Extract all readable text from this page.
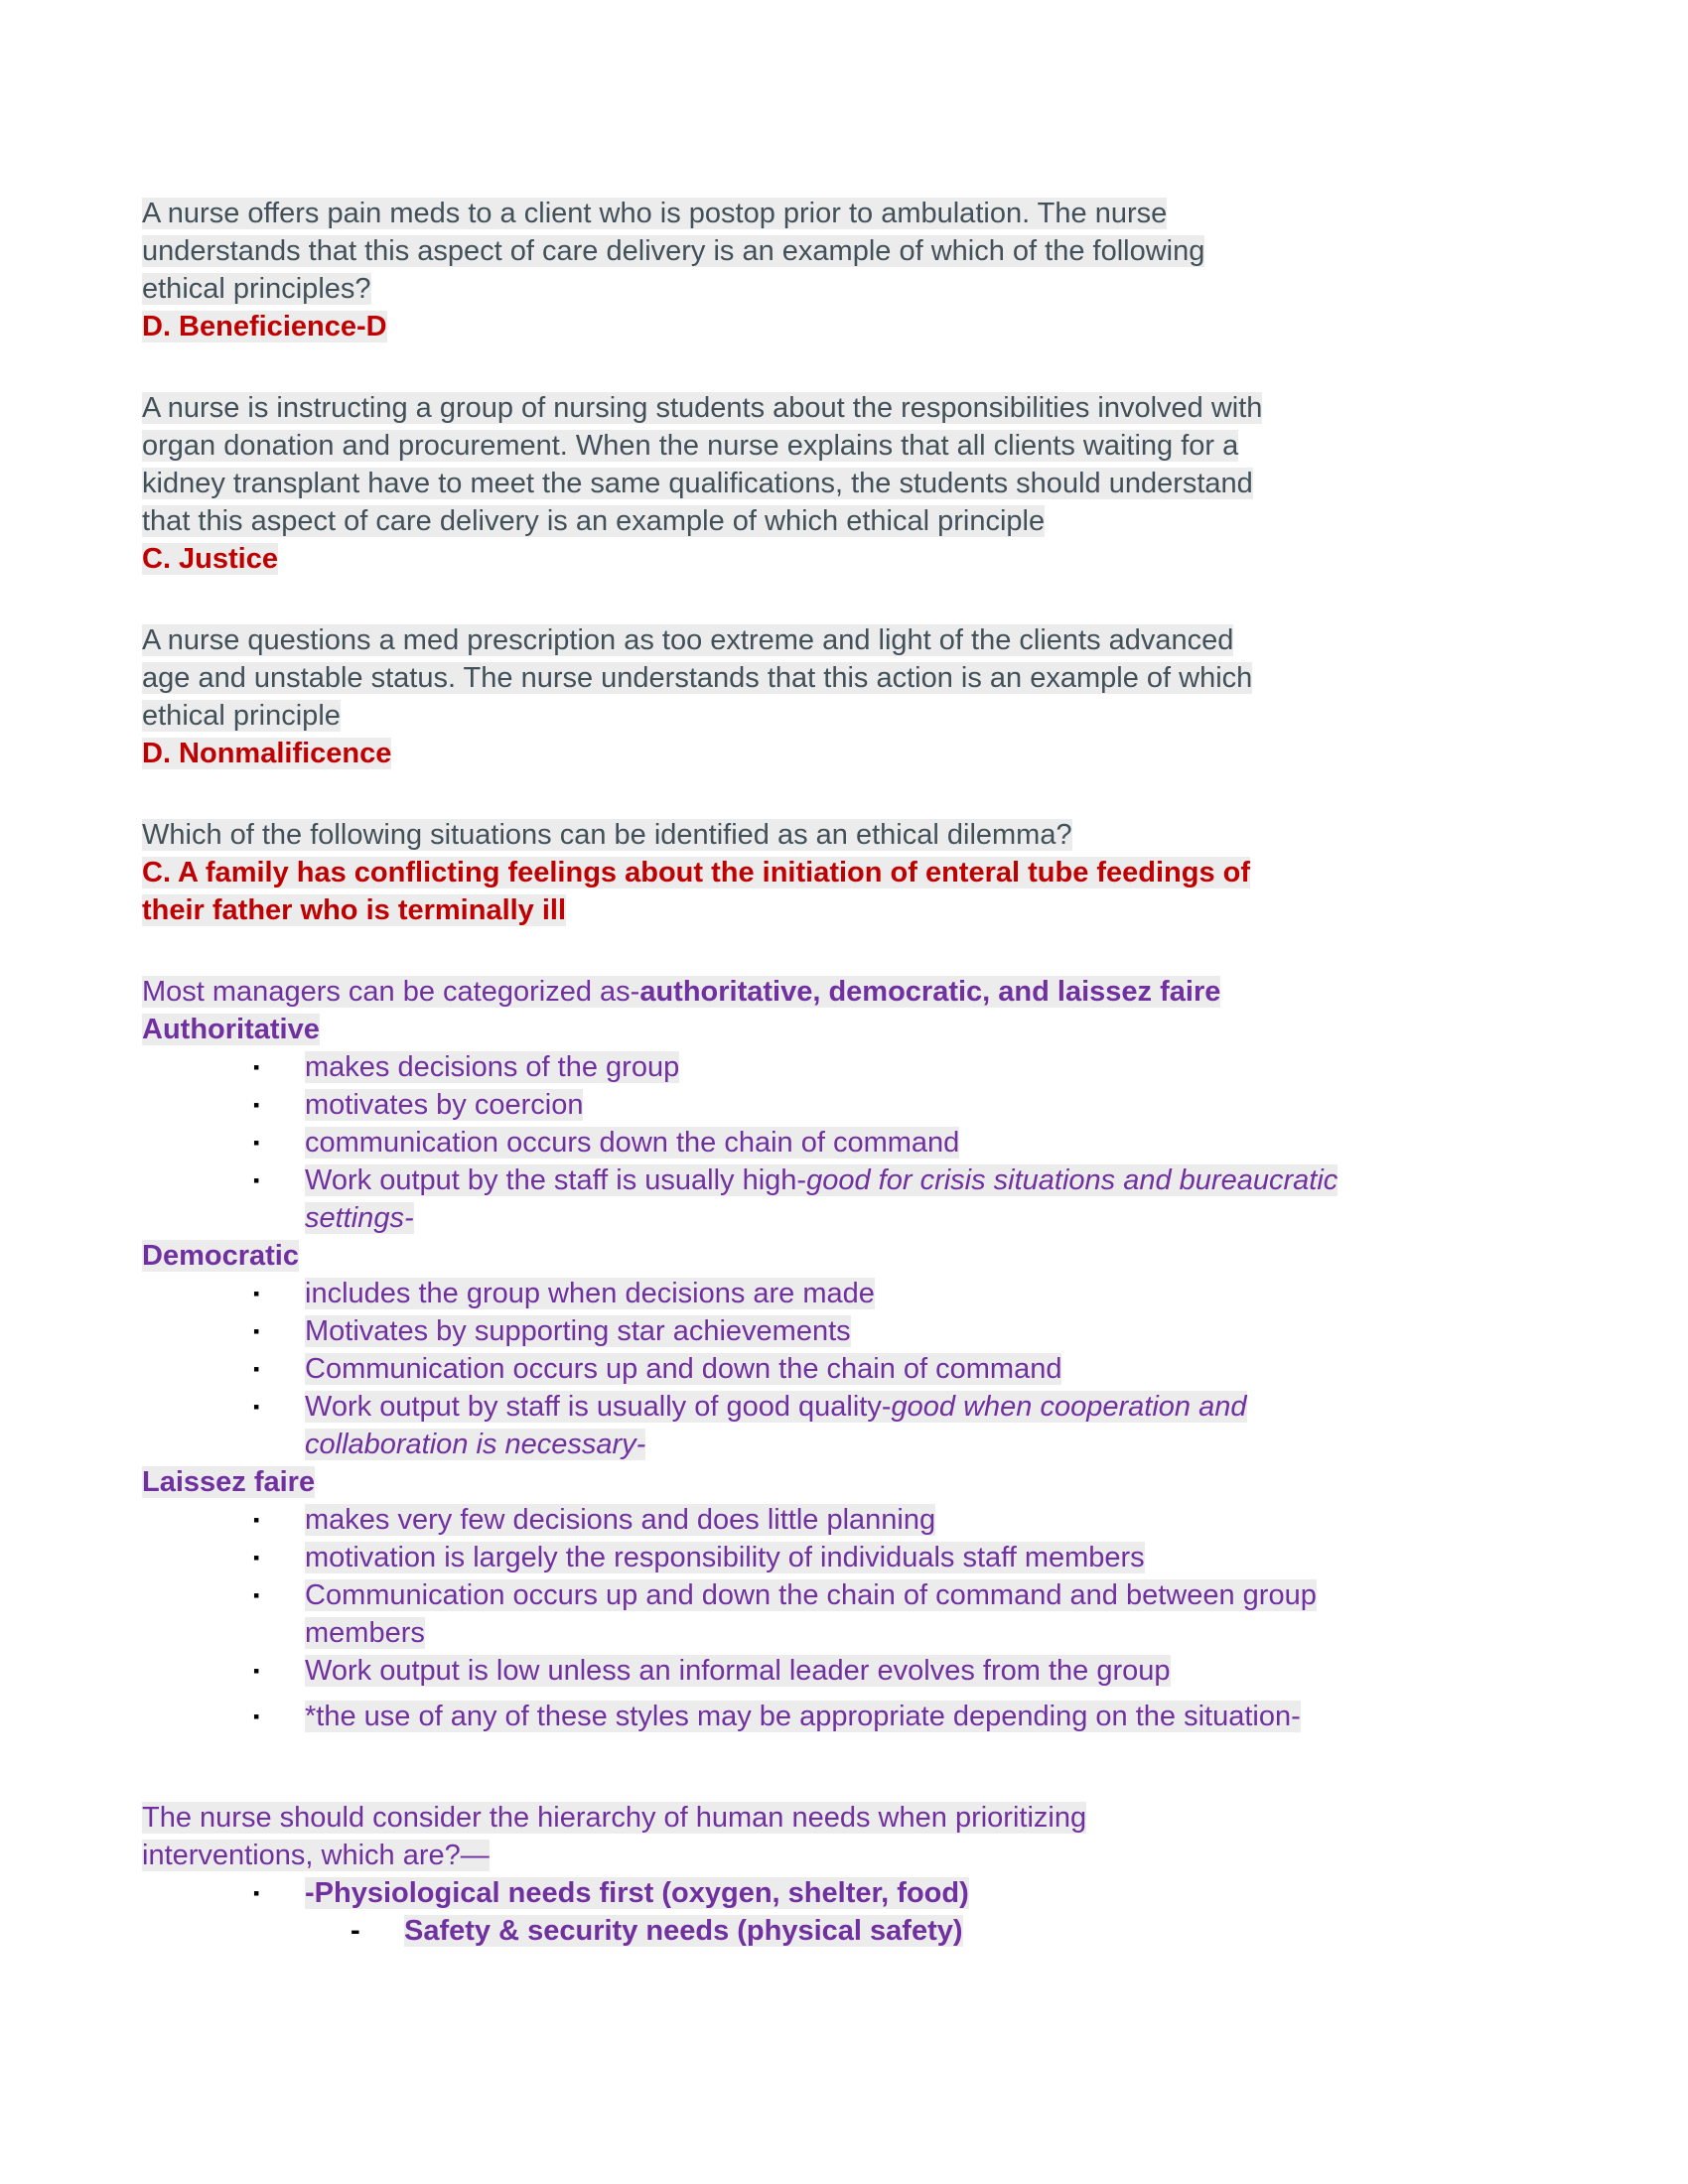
A nurse offers pain meds to a client who is postop prior to ambulation. The nurse
understands that this aspect of care delivery is an example of which of the following
ethical principles?
D. Beneficience-D
A nurse is instructing a group of nursing students about the responsibilities involved with
organ donation and procurement. When the nurse explains that all clients waiting for a
kidney transplant have to meet the same qualifications, the students should understand
that this aspect of care delivery is an example of which ethical principle
C. Justice
A nurse questions a med prescription as too extreme and light of the clients advanced
age and unstable status. The nurse understands that this action is an example of which
ethical principle
D. Nonmalificence
Which of the following situations can be identified as an ethical dilemma?
C. A family has conflicting feelings about the initiation of enteral tube feedings of
their father who is terminally ill
Most managers can be categorized as-authoritative, democratic, and laissez faire
Authoritative
▪ makes decisions of the group
▪ motivates by coercion
▪ communication occurs down the chain of command
▪ Work output by the staff is usually high-good for crisis situations and bureaucratic
settings-
Democratic
▪ includes the group when decisions are made
▪ Motivates by supporting star achievements
▪ Communication occurs up and down the chain of command
▪ Work output by staff is usually of good quality-good when cooperation and
collaboration is necessary-
Laissez faire
▪ makes very few decisions and does little planning
▪ motivation is largely the responsibility of individuals staff members
▪ Communication occurs up and down the chain of command and between group
members
▪ Work output is low unless an informal leader evolves from the group
▪ *the use of any of these styles may be appropriate depending on the situation-
The nurse should consider the hierarchy of human needs when prioritizing
interventions, which are?—
▪ -Physiological needs first (oxygen, shelter, food)
- Safety & security needs (physical safety)
